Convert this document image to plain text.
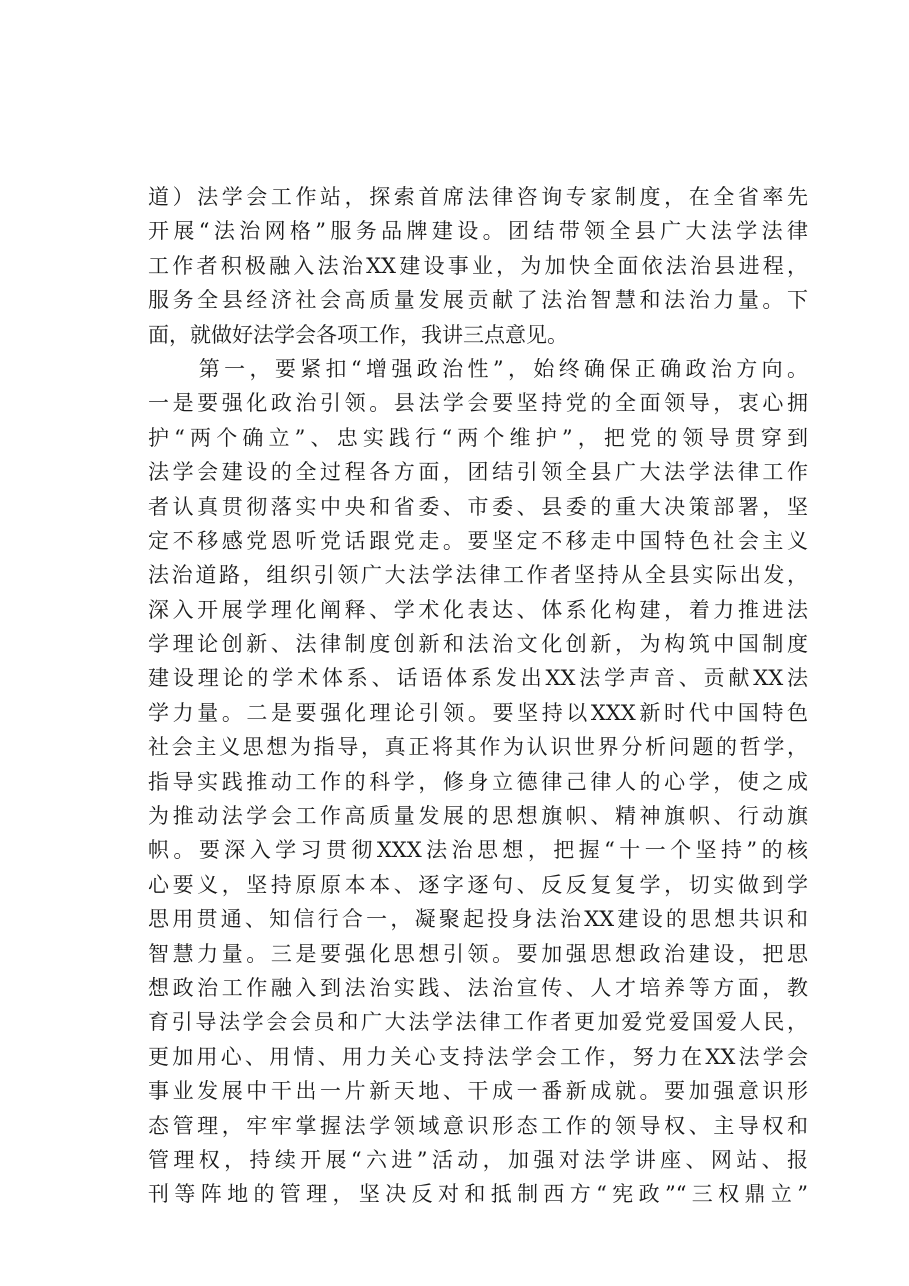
道）法学会工作站，探索首席法律咨询专家制度，在全省率先
开展“法治网格”服务品牌建设。团结带领全县广大法学法律
工作者积极融入法治XX建设事业，为加快全面依法治县进程，
服务全县经济社会高质量发展贡献了法治智慧和法治力量。下
面，就做好法学会各项工作，我讲三点意见。
　　第一，要紧扣“增强政治性”，始终确保正确政治方向。
一是要强化政治引领。县法学会要坚持党的全面领导，衷心拥
护“两个确立”、忠实践行“两个维护”，把党的领导贯穿到
法学会建设的全过程各方面，团结引领全县广大法学法律工作
者认真贯彻落实中央和省委、市委、县委的重大决策部署，坚
定不移感党恩听党话跟党走。要坚定不移走中国特色社会主义
法治道路，组织引领广大法学法律工作者坚持从全县实际出发，
深入开展学理化阐释、学术化表达、体系化构建，着力推进法
学理论创新、法律制度创新和法治文化创新，为构筑中国制度
建设理论的学术体系、话语体系发出XX法学声音、贡献XX法
学力量。二是要强化理论引领。要坚持以XXX新时代中国特色
社会主义思想为指导，真正将其作为认识世界分析问题的哲学，
指导实践推动工作的科学，修身立德律己律人的心学，使之成
为推动法学会工作高质量发展的思想旗帜、精神旗帜、行动旗
帜。要深入学习贯彻XXX法治思想，把握“十一个坚持”的核
心要义，坚持原原本本、逐字逐句、反反复复学，切实做到学
思用贯通、知信行合一，凝聚起投身法治XX建设的思想共识和
智慧力量。三是要强化思想引领。要加强思想政治建设，把思
想政治工作融入到法治实践、法治宣传、人才培养等方面，教
育引导法学会会员和广大法学法律工作者更加爱党爱国爱人民，
更加用心、用情、用力关心支持法学会工作，努力在XX法学会
事业发展中干出一片新天地、干成一番新成就。要加强意识形
态管理，牢牢掌握法学领域意识形态工作的领导权、主导权和
管理权，持续开展“六进”活动，加强对法学讲座、网站、报
刊等阵地的管理，坚决反对和抵制西方“宪政”“三权鼎立”
